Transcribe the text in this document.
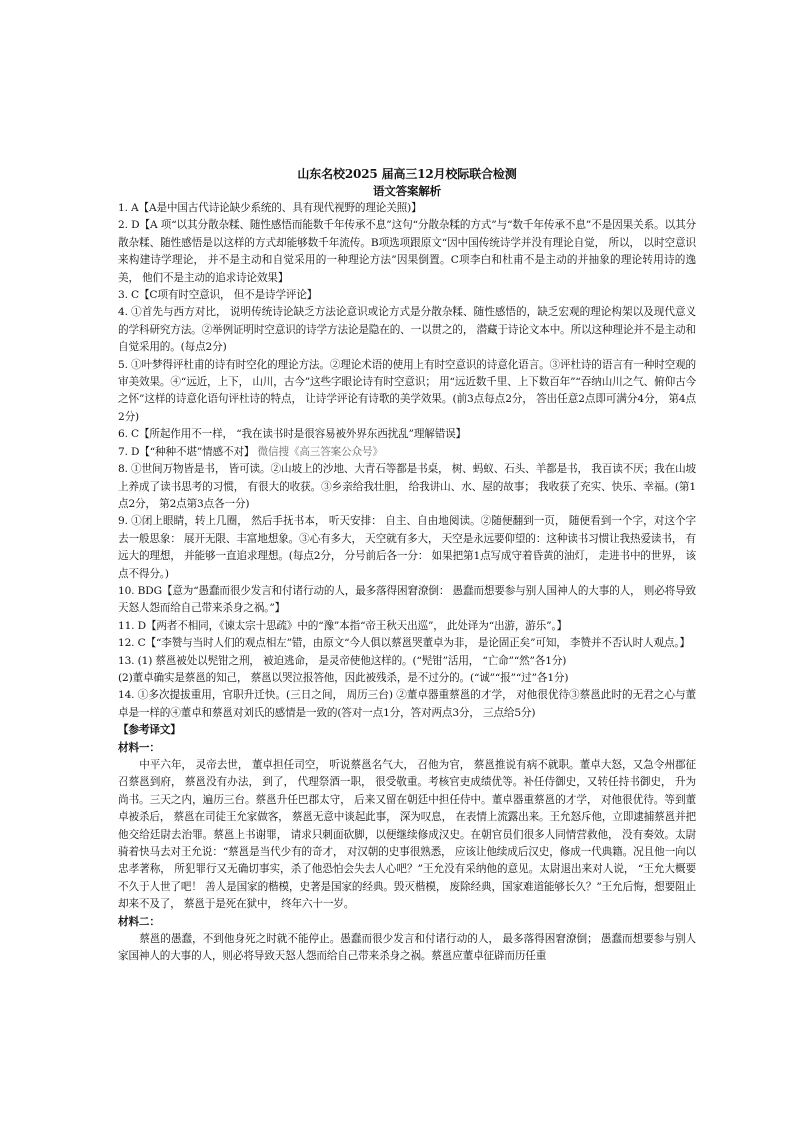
山东名校2025 届高三12月校际联合检测
语文答案解析

1. A【A是中国古代诗论缺少系统的、具有现代视野的理论关照)】

2. D【A 项“以其分散杂糅、随性感悟而能数千年传承不息”这句“分散杂糅的方式”与“数千年传承不息”不是因果关系。以其分散杂糅、随性感悟是以这样的方式却能够数千年流传。B项选项跟原文“因中国传统诗学并没有理论自觉， 所以， 以时空意识来构建诗学理论， 并不是主动和自觉采用的一种理论方法”因果倒置。C项李白和杜甫不是主动的并抽象的理论转用诗的逸美， 他们不是主动的追求诗论效果】

3. C【C项有时空意识， 但不是诗学评论】

4. ①首先与西方对比， 说明传统诗论缺乏方法论意识或论方式是分散杂糅、随性感悟的，缺乏宏观的理论构架以及现代意义的学科研究方法。②举例证明时空意识的诗学方法论是隐在的、一以贯之的， 潜藏于诗论文本中。所以这种理论并不是主动和自觉采用的。(每点2分)

5. ①叶梦得评杜甫的诗有时空化的理论方法。②理论术语的使用上有时空意识的诗意化语言。③评杜诗的语言有一种时空观的审美效果。④“远近，上下， 山川，古今”这些字眼论诗有时空意识； 用“远近数千里、上下数百年”“吞纳山川之气、俯仰古今之怀”这样的诗意化语句评杜诗的特点， 让诗学评论有诗歌的美学效果。(前3点每点2分， 答出任意2点即可满分4分， 第4点2分)

6. C【所起作用不一样， “我在读书时是很容易被外界东西扰乱”理解错误】

7. D【“种种不堪”情感不对】 微信搜《高三答案公众号》

8. ①世间万物皆是书， 皆可读。②山坡上的沙地、大青石等都是书桌， 树、蚂蚁、石头、羊都是书， 我百读不厌；我在山坡上养成了读书思考的习惯， 有很大的收获。③乡亲给我壮胆， 给我讲山、水、屋的故事； 我收获了充实、快乐、幸福。(第1点2分， 第2点第3点各一分)

9. ①闭上眼睛，转上几圈， 然后手抚书本， 听天安排： 自主、自由地阅读。②随便翻到一页， 随便看到一个字，对这个字去一般思象： 展开无限、丰富地想象。③心有多大， 天空就有多大， 天空是永远要仰望的：这种读书习惯让我热爱读书， 有远大的理想， 并能够一直追求理想。(每点2分， 分号前后各一分： 如果把第1点写成守着昏黄的油灯， 走进书中的世界， 该点不得分。)

10. BDG【意为“愚蠢而很少发言和付诸行动的人，最多落得困窘潦倒： 愚蠢而想要参与别人国神人的大事的人， 则必将导致天怒人怨而给自己带来杀身之祸。”】

11. D【两者不相同，《谏太宗十思疏》中的“豫”本指“帝王秋天出巡”， 此处译为“出游，游乐”。】

12. C【“李赞与当时人们的观点相左”错，由原文“今人俱以蔡邕哭董卓为非， 是论固正矣”可知， 李赞并不否认时人观点。】

13. (1) 蔡邕被处以髡钳之刑， 被迫逃命， 是灵帝使他这样的。(“髡钳”活用， “亡命”“然”各1分)

(2)董卓确实是蔡邕的知己， 蔡邕以哭泣报答他，因此被残杀，是不过分的。(“诚”“报”“过”各1分)

14. ①多次提拔重用，官职升迁快。(三日之间， 周历三台) ②董卓器重蔡邕的才学， 对他很优待③蔡邕此时的无君之心与董卓是一样的④董卓和蔡邕对刘氏的感情是一致的(答对一点1分，答对两点3分， 三点给5分)

【参考译文】

材料一：

中平六年， 灵帝去世， 董卓担任司空， 听说蔡邕名气大， 召他为官， 蔡邕推说有病不就职。董卓大怒，又急令州郡征召蔡邕到府， 蔡邕没有办法， 到了， 代理祭酒一职， 很受敬重。考核官吏成绩优等。补任侍御史，又转任持书御史， 升为尚书。三天之内，遍历三台。蔡邕升任巴郡太守， 后来又留在朝廷中担任侍中。董卓器重蔡邕的才学， 对他很优待。等到董卓被杀后， 蔡邕在司徒王允家做客， 蔡邕无意中谈起此事， 深为叹息， 在表情上流露出来。王允怒斥他，立即逮捕蔡邕并把他交给廷尉去治罪。蔡邕上书谢罪， 请求只刺面砍脚，以便继续修成汉史。在朝官员们很多人同情营救他， 没有奏效。太尉骑着快马去对王允说：“蔡邕是当代少有的奇才， 对汉朝的史事很熟悉， 应该让他续成后汉史，修成一代典籍。况且他一向以忠孝著称， 所犯罪行又无确切事实，杀了他恐怕会失去人心吧？”王允没有采纳他的意见。太尉退出来对人说， “王允大概要不久于人世了吧！ 善人是国家的楷模，史著是国家的经典。毁灭楷模， 废除经典，国家难道能够长久？”王允后悔，想要阻止却来不及了， 蔡邕于是死在狱中， 终年六十一岁。

材料二：

蔡邕的愚蠢，不到他身死之时就不能停止。愚蠢而很少发言和付诸行动的人， 最多落得困窘潦倒； 愚蠢而想要参与别人家国神人的大事的人，则必将导致天怒人怨而给自己带来杀身之祸。蔡邕应董卓征辟而历任重
